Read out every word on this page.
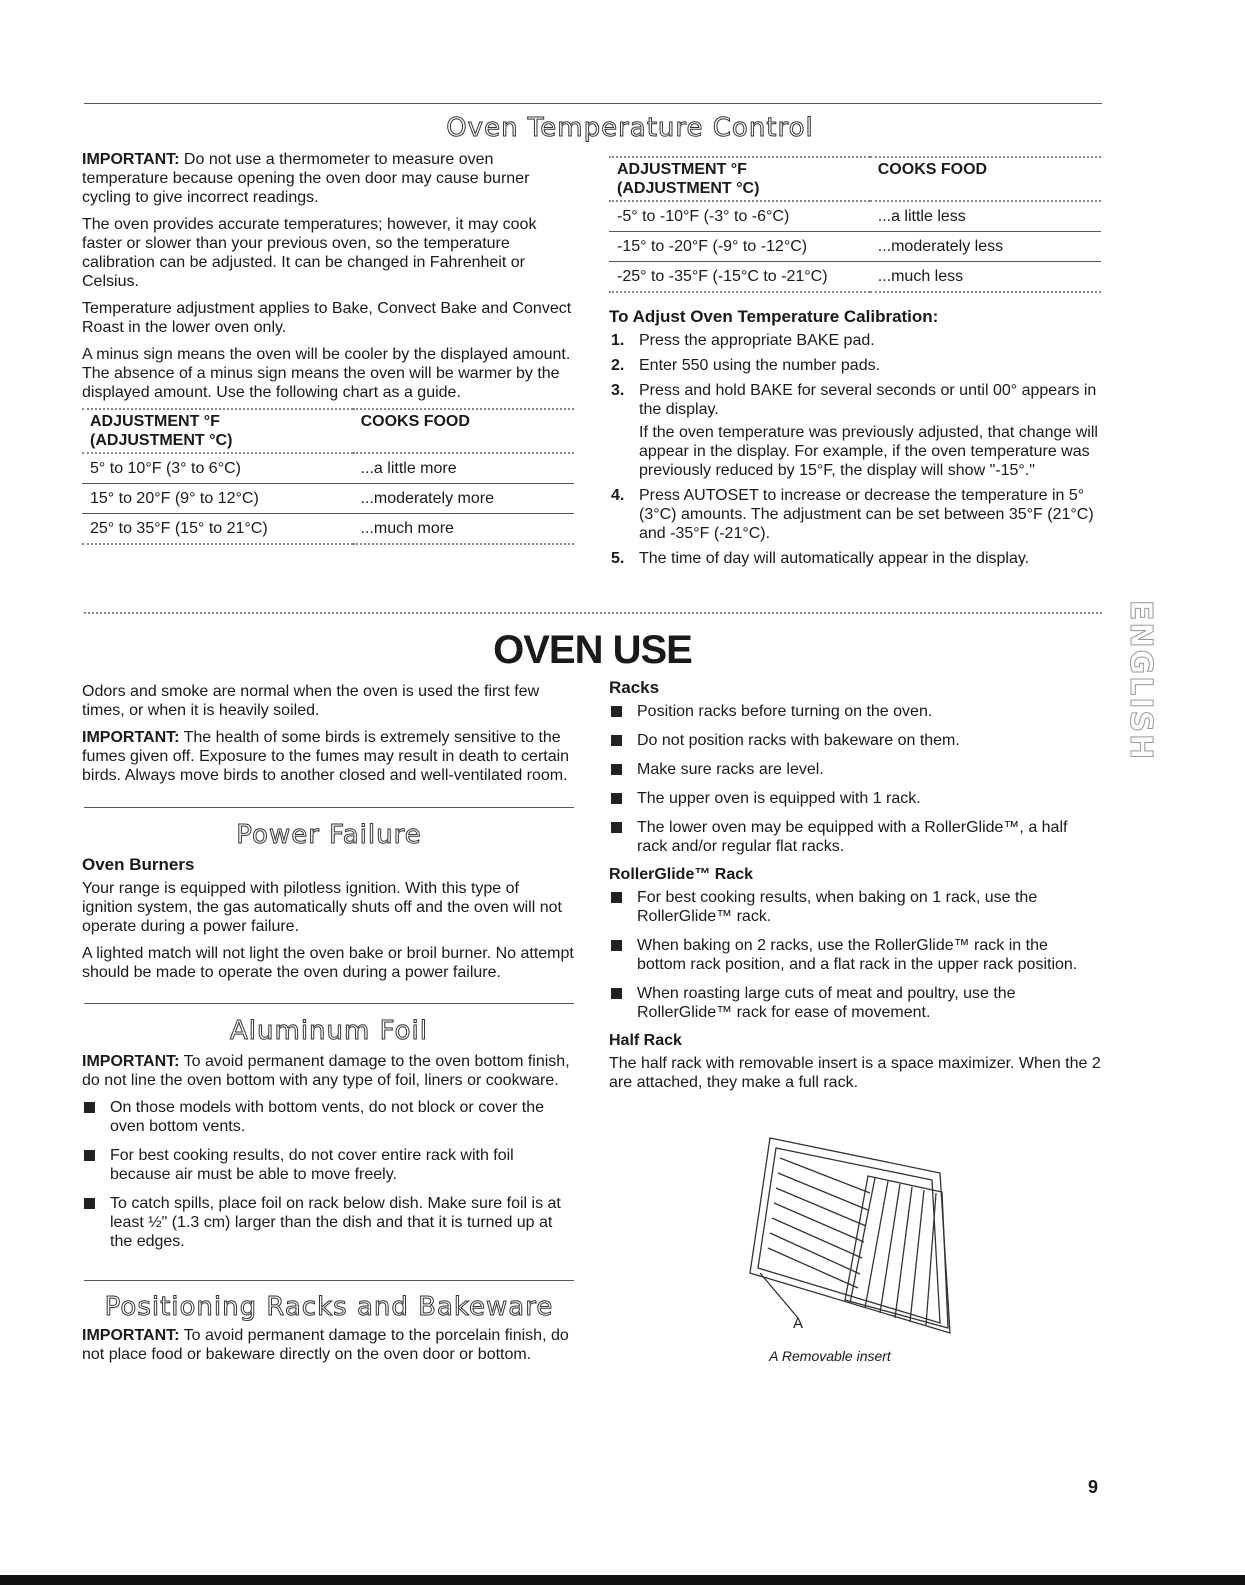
Oven Temperature Control

IMPORTANT: Do not use a thermometer to measure oven temperature because opening the oven door may cause burner cycling to give incorrect readings.

The oven provides accurate temperatures; however, it may cook faster or slower than your previous oven, so the temperature calibration can be adjusted. It can be changed in Fahrenheit or Celsius.

Temperature adjustment applies to Bake, Convect Bake and Convect Roast in the lower oven only.

A minus sign means the oven will be cooler by the displayed amount. The absence of a minus sign means the oven will be warmer by the displayed amount. Use the following chart as a guide.

ADJUSTMENT °F
(ADJUSTMENT °C)	COOKS FOOD
5° to 10°F (3° to 6°C)	...a little more
15° to 20°F (9° to 12°C)	...moderately more
25° to 35°F (15° to 21°C)	...much more
ADJUSTMENT °F
(ADJUSTMENT °C)	COOKS FOOD
-5° to -10°F (-3° to -6°C)	...a little less
-15° to -20°F (-9° to -12°C)	...moderately less
-25° to -35°F (-15°C to -21°C)	...much less
To Adjust Oven Temperature Calibration:
1. Press the appropriate BAKE pad.
2. Enter 550 using the number pads.
3. Press and hold BAKE for several seconds or until 00° appears in the display.
If the oven temperature was previously adjusted, that change will appear in the display. For example, if the oven temperature was previously reduced by 15°F, the display will show "-15°."
4. Press AUTOSET to increase or decrease the temperature in 5° (3°C) amounts. The adjustment can be set between 35°F (21°C) and -35°F (-21°C).
5. The time of day will automatically appear in the display.
OVEN USE

Odors and smoke are normal when the oven is used the first few times, or when it is heavily soiled.

IMPORTANT: The health of some birds is extremely sensitive to the fumes given off. Exposure to the fumes may result in death to certain birds. Always move birds to another closed and well-ventilated room.

Power Failure
Oven Burners

Your range is equipped with pilotless ignition. With this type of ignition system, the gas automatically shuts off and the oven will not operate during a power failure.

A lighted match will not light the oven bake or broil burner. No attempt should be made to operate the oven during a power failure.

Aluminum Foil

IMPORTANT: To avoid permanent damage to the oven bottom finish, do not line the oven bottom with any type of foil, liners or cookware.

On those models with bottom vents, do not block or cover the oven bottom vents.
For best cooking results, do not cover entire rack with foil because air must be able to move freely.
To catch spills, place foil on rack below dish. Make sure foil is at least ½" (1.3 cm) larger than the dish and that it is turned up at the edges.
Positioning Racks and Bakeware

IMPORTANT: To avoid permanent damage to the porcelain finish, do not place food or bakeware directly on the oven door or bottom.

Racks
Position racks before turning on the oven.
Do not position racks with bakeware on them.
Make sure racks are level.
The upper oven is equipped with 1 rack.
The lower oven may be equipped with a RollerGlide™, a half rack and/or regular flat racks.
RollerGlide™ Rack
For best cooking results, when baking on 1 rack, use the RollerGlide™ rack.
When baking on 2 racks, use the RollerGlide™ rack in the bottom rack position, and a flat rack in the upper rack position.
When roasting large cuts of meat and poultry, use the RollerGlide™ rack for ease of movement.
Half Rack

The half rack with removable insert is a space maximizer. When the 2 are attached, they make a full rack.

A
A Removable insert
ENGLISH
9
